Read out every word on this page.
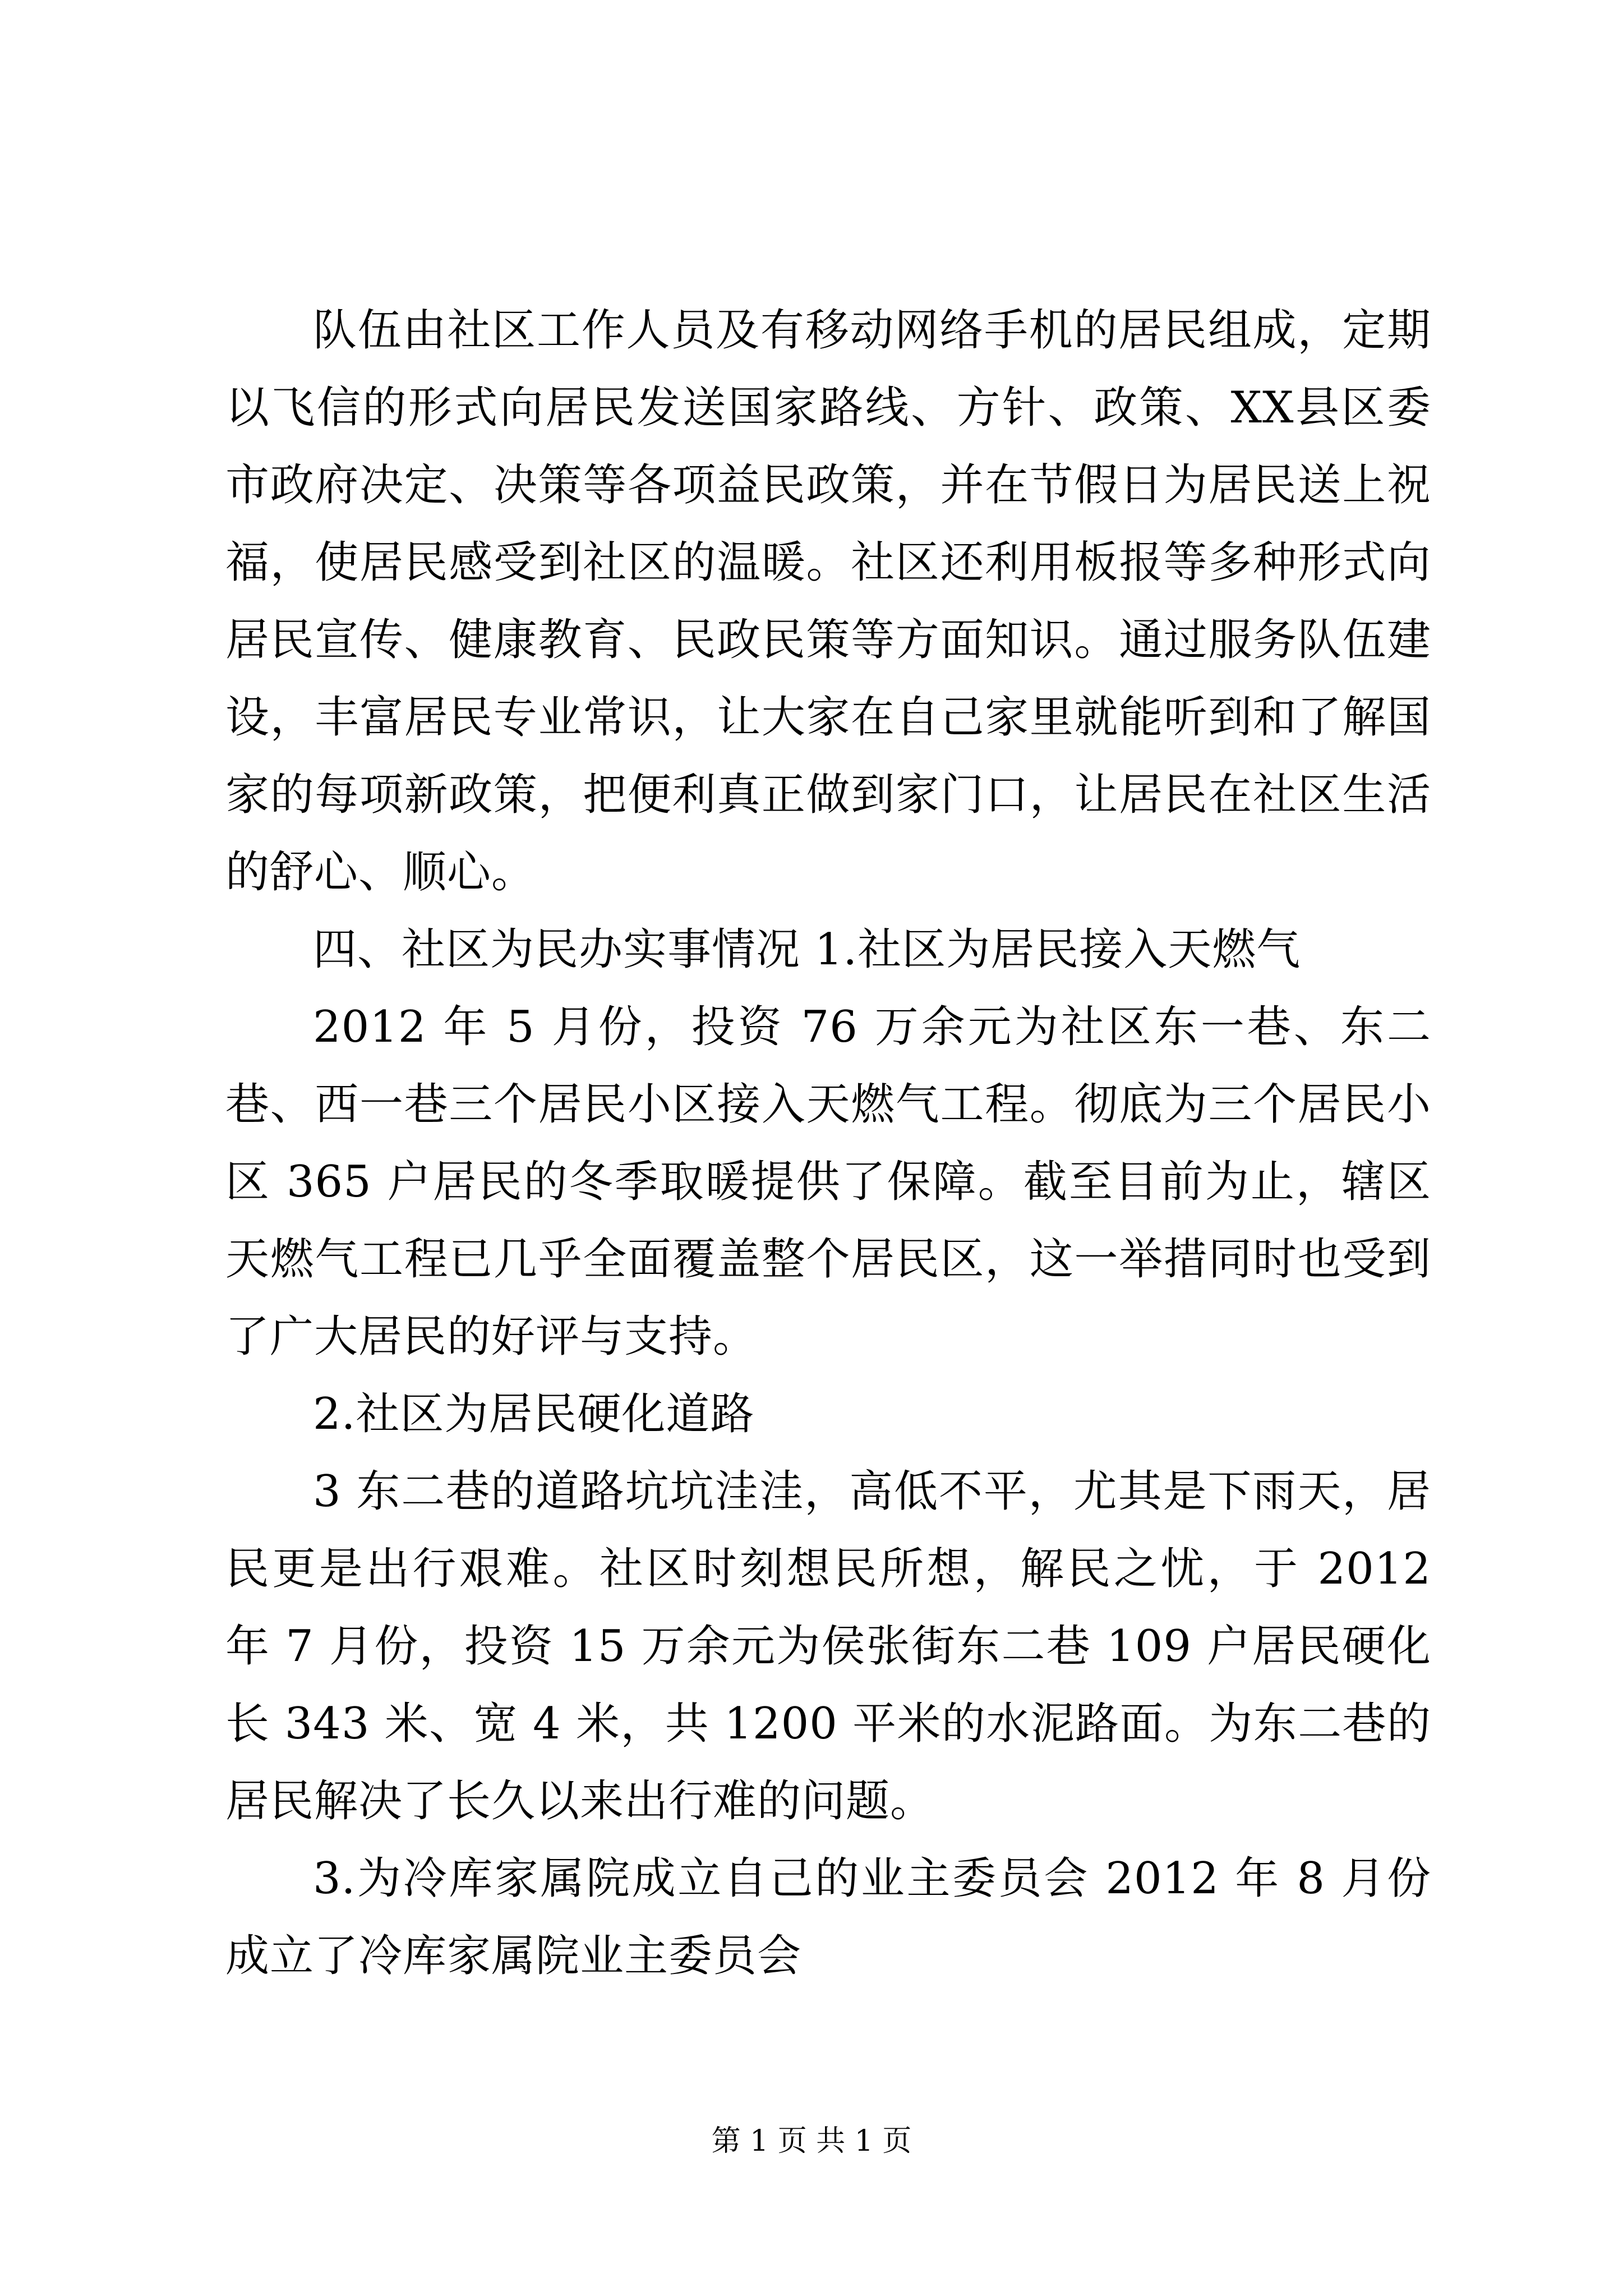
队伍由社区工作人员及有移动网络手机的居民组成，定期以飞信的形式向居民发送国家路线、方针、政策、XX县区委市政府决定、决策等各项益民政策，并在节假日为居民送上祝福，使居民感受到社区的温暖。社区还利用板报等多种形式向居民宣传、健康教育、民政民策等方面知识。通过服务队伍建设，丰富居民专业常识，让大家在自己家里就能听到和了解国家的每项新政策，把便利真正做到家门口，让居民在社区生活的舒心、顺心。

四、社区为民办实事情况 1.社区为居民接入天燃气

2012 年 5 月份，投资 76 万余元为社区东一巷、东二巷、西一巷三个居民小区接入天燃气工程。彻底为三个居民小区 365 户居民的冬季取暖提供了保障。截至目前为止，辖区天燃气工程已几乎全面覆盖整个居民区，这一举措同时也受到了广大居民的好评与支持。

2.社区为居民硬化道路

3 东二巷的道路坑坑洼洼，高低不平，尤其是下雨天，居民更是出行艰难。社区时刻想民所想，解民之忧，于 2012 年 7 月份，投资 15 万余元为侯张街东二巷 109 户居民硬化长 343 米、宽 4 米，共 1200 平米的水泥路面。为东二巷的居民解决了长久以来出行难的问题。

3.为冷库家属院成立自己的业主委员会 2012 年 8 月份成立了冷库家属院业主委员会

第 1 页 共 1 页
